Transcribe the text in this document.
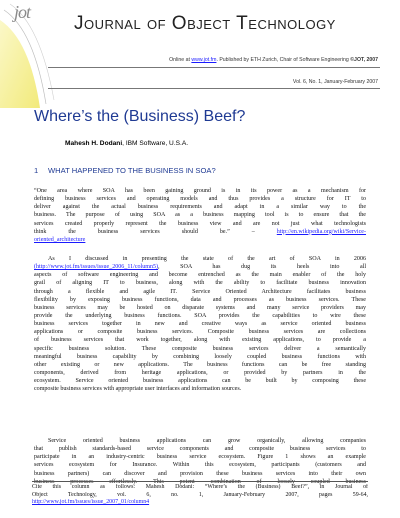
jot
Journal of Object Technology
Online at www.jot.fm. Published by ETH Zurich, Chair of Software Engineering ©JOT, 2007
Vol. 6, No. 1, January-February 2007
Where’s the (Business) Beef?
Mahesh H. Dodani, IBM Software, U.S.A.
1 WHAT HAPPENED TO THE BUSINESS IN SOA?
“One area where SOA has been gaining ground is in its power as a mechanism for
defining business services and operating models and thus provides a structure for IT to
deliver against the actual business requirements and adapt in a similar way to the
business. The purpose of using SOA as a business mapping tool is to ensure that the
services created properly represent the business view and are not just what technologists
think the business services should be.” – http://en.wikipedia.org/wiki/Service-
oriented_architecture
As I discussed in presenting the state of the art of SOA in 2006
(http://www.jot.fm/issues/issue_2006_11/column5), SOA has dug its heels into all
aspects of software engineering and become entrenched as the main enabler of the holy
grail of aligning IT to business, along with the ability to facilitate business innovation
through a flexible and agile IT. Service Oriented Architecture facilitates business
flexibility by exposing business functions, data and processes as business services. These
business services may be hosted on disparate systems and many service providers may
provide the underlying business functions. SOA provides the capabilities to wire these
business services together in new and creative ways as service oriented business
applications or composite business services. Composite business services are collections
of business services that work together, along with existing applications, to provide a
specific business solution. These composite business services deliver a semantically
meaningful business capability by combining loosely coupled business functions with
other existing or new applications. The business functions can be free standing
components, derived from heritage applications, or provided by partners in the
ecosystem. Service oriented business applications can be built by composing these
composite business services with appropriate user interfaces and information sources.
Service oriented business applications can grow organically, allowing companies
that publish standards-based service components and composite business services to
participate in an industry-centric business service ecosystem. Figure 1 shows an example
services ecosystem for Insurance. Within this ecosystem, participants (customers and
business partners) can discover and provision these business services into their own
business processes effortlessly. This potent combination of loosely coupled business
Cite this column as follows: Mahesh Dodani: “Where’s the (Business) Beef?”, in Journal of
Object Technology, vol. 6, no. 1, January-February 2007, pages 59-64,
http://www.jot.fm/issues/issue_2007_01/column4
